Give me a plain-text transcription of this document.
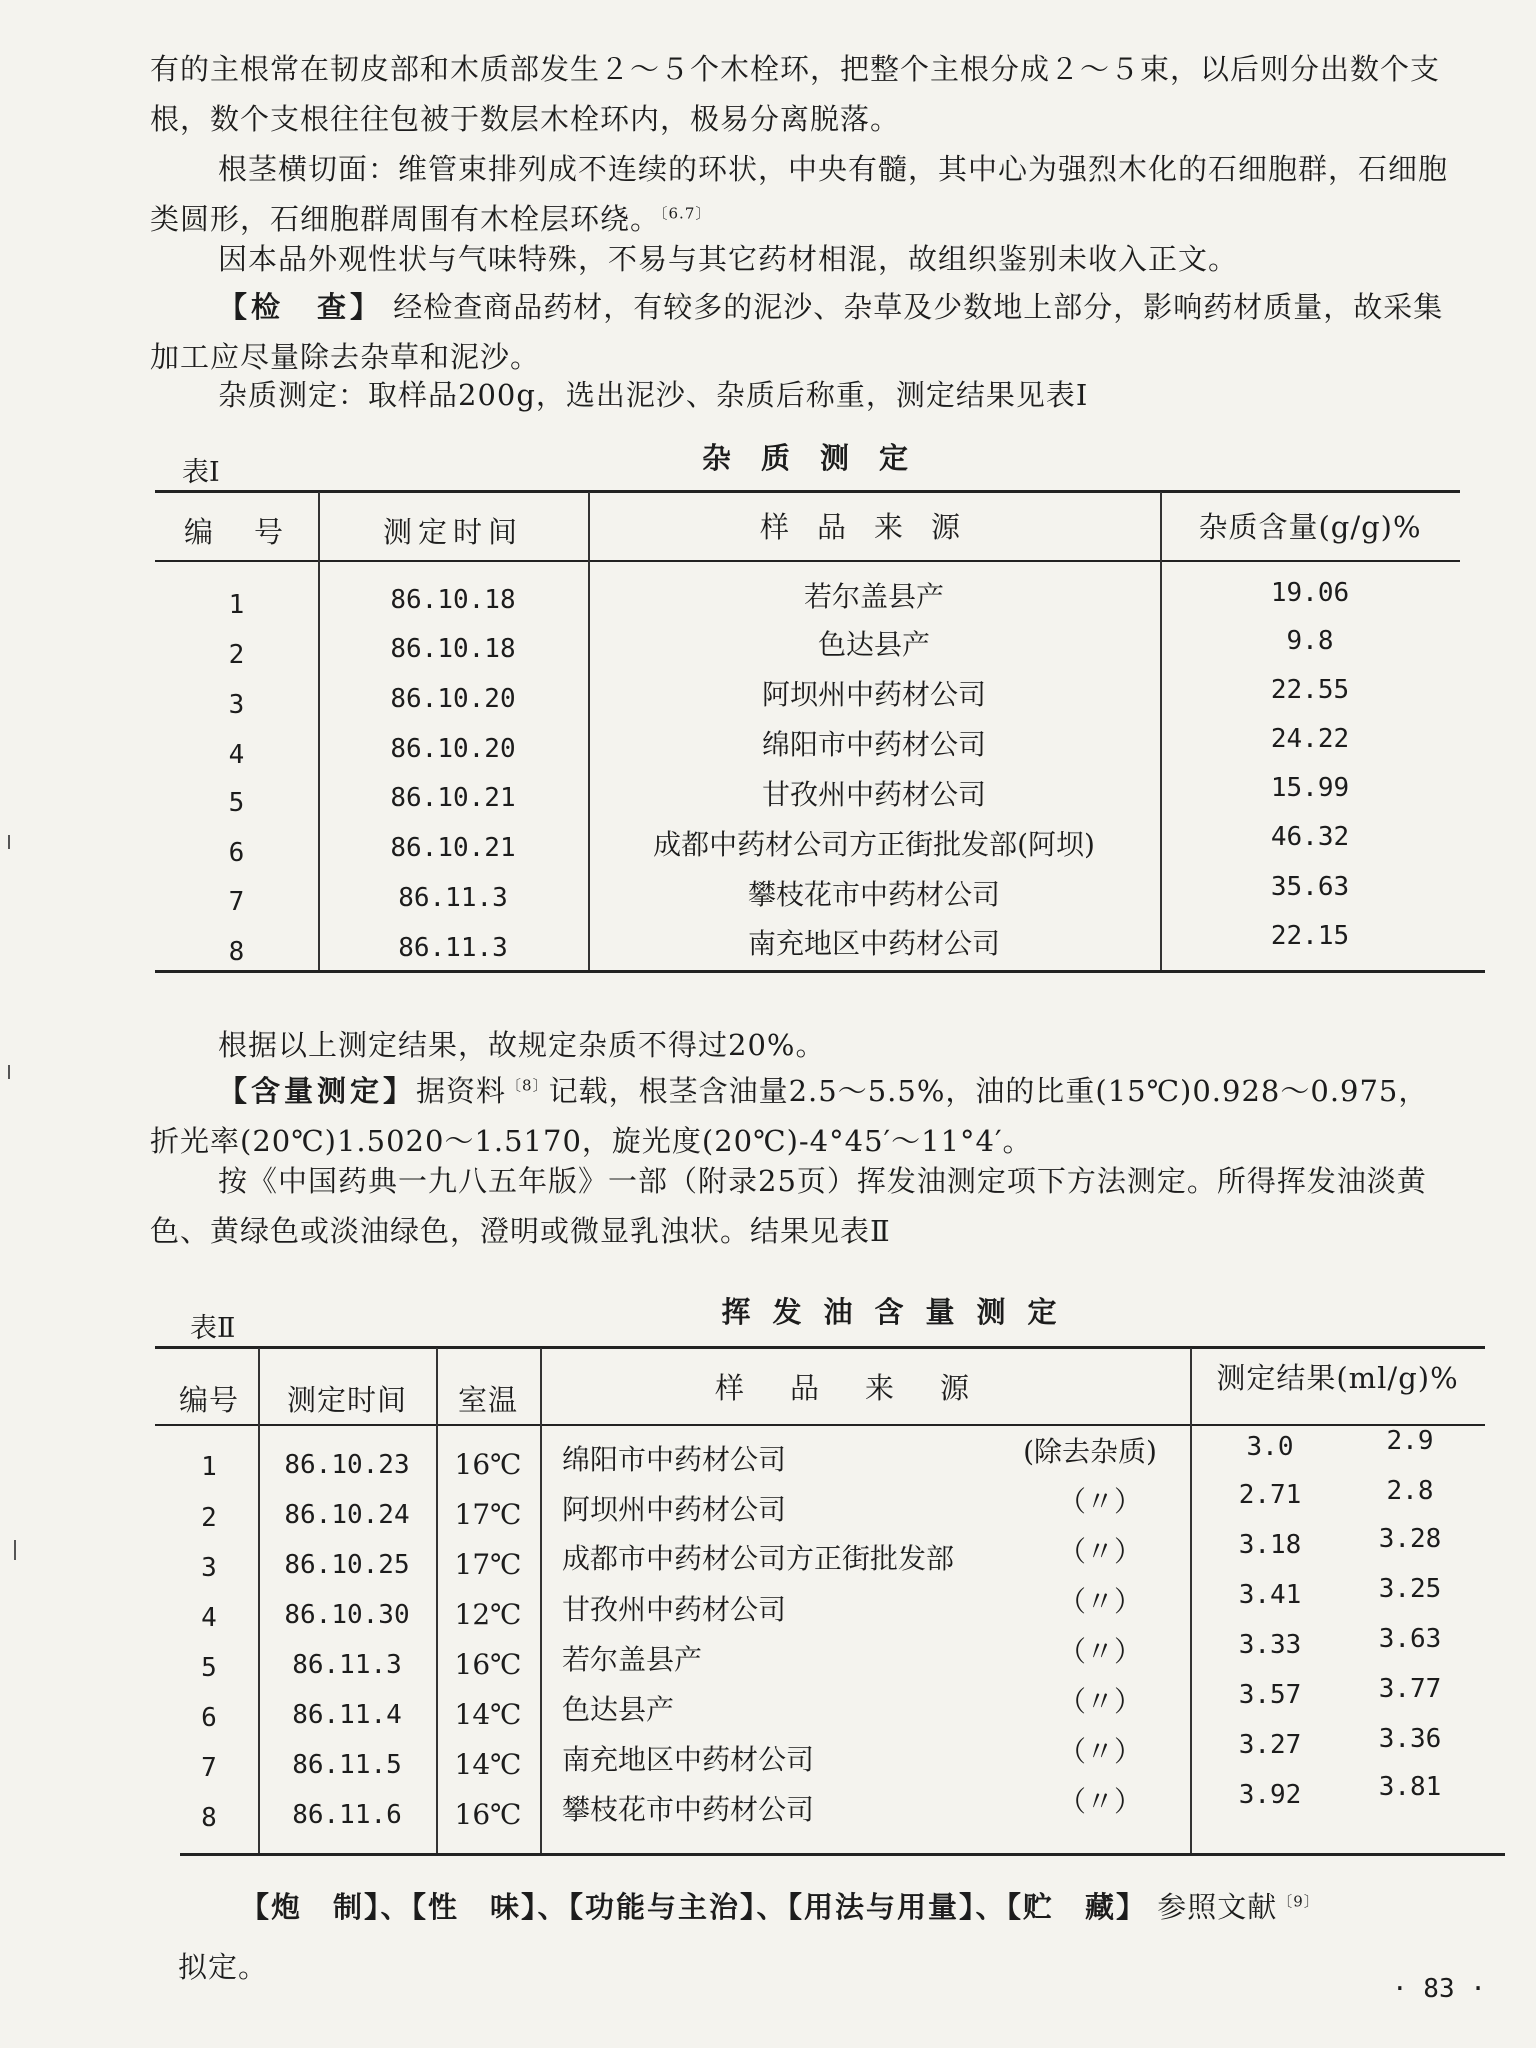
有的主根常在韧皮部和木质部发生２～５个木栓环，把整个主根分成２～５束，以后则分出数个支根，数个支根往往包被于数层木栓环内，极易分离脱落。

根茎横切面：维管束排列成不连续的环状，中央有髓，其中心为强烈木化的石细胞群，石细胞类圆形，石细胞群周围有木栓层环绕。$^{〔6.7〕}$

因本品外观性状与气味特殊，不易与其它药材相混，故组织鉴别未收入正文。

【检　查】 经检查商品药材，有较多的泥沙、杂草及少数地上部分，影响药材质量，故采集加工应尽量除去杂草和泥沙。

杂质测定：取样品200g，选出泥沙、杂质后称重，测定结果见表Ⅰ

表Ⅰ	杂质测定
编　号	测定时间	样品来源	杂质含量(g/g)%
1	86.10.18	若尔盖县产	19.06
2	86.10.18	色达县产	9.8
3	86.10.20	阿坝州中药材公司	22.55
4	86.10.20	绵阳市中药材公司	24.22
5	86.10.21	甘孜州中药材公司	15.99
6	86.10.21	成都中药材公司方正街批发部(阿坝)	46.32
7	86.11.3	攀枝花市中药材公司	35.63
8	86.11.3	南充地区中药材公司	22.15

根据以上测定结果，故规定杂质不得过20%。

【含量测定】据资料$^{〔8〕}$记载，根茎含油量2.5～5.5%，油的比重(15℃)0.928～0.975，折光率(20℃)1.5020～1.5170，旋光度(20℃)-4°45′～11°4′。

按《中国药典一九八五年版》一部（附录25页）挥发油测定项下方法测定。所得挥发油淡黄色、黄绿色或淡油绿色，澄明或微显乳浊状。结果见表Ⅱ

表Ⅱ	挥发油含量测定
编号	测定时间	室温	样品来源	测定结果(ml/g)%
1	86.10.23	16℃	绵阳市中药材公司	(除去杂质)	3.0	2.9
2	86.10.24	17℃	阿坝州中药材公司	（〃）	2.71	2.8
3	86.10.25	17℃	成都市中药材公司方正街批发部	（〃）	3.18	3.28
4	86.10.30	12℃	甘孜州中药材公司	（〃）	3.41	3.25
5	86.11.3	16℃	若尔盖县产	（〃）	3.33	3.63
6	86.11.4	14℃	色达县产	（〃）	3.57	3.77
7	86.11.5	14℃	南充地区中药材公司	（〃）	3.27	3.36
8	86.11.6	16℃	攀枝花市中药材公司	（〃）	3.92	3.81

【炮　制】、【性　味】、【功能与主治】、【用法与用量】、【贮　藏】 参照文献$^{〔9〕}$

拟定。

· 83 ·
